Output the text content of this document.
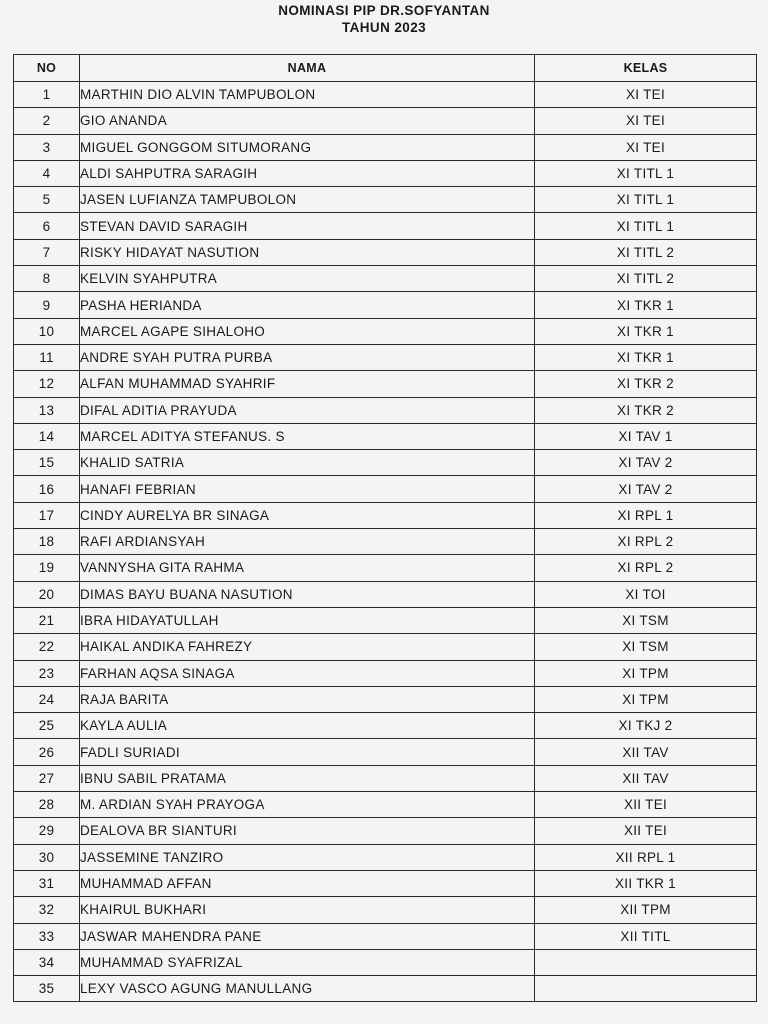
NOMINASI PIP DR.SOFYANTAN
TAHUN 2023
NO	NAMA	KELAS
1	MARTHIN DIO ALVIN TAMPUBOLON	XI TEI
2	GIO ANANDA	XI TEI
3	MIGUEL GONGGOM SITUMORANG	XI TEI
4	ALDI SAHPUTRA SARAGIH	XI TITL 1
5	JASEN LUFIANZA TAMPUBOLON	XI TITL 1
6	STEVAN DAVID SARAGIH	XI TITL 1
7	RISKY HIDAYAT NASUTION	XI TITL 2
8	KELVIN SYAHPUTRA	XI TITL 2
9	PASHA HERIANDA	XI TKR 1
10	MARCEL AGAPE SIHALOHO	XI TKR 1
11	ANDRE SYAH PUTRA PURBA	XI TKR 1
12	ALFAN MUHAMMAD SYAHRIF	XI TKR 2
13	DIFAL ADITIA PRAYUDA	XI TKR 2
14	MARCEL ADITYA STEFANUS. S	XI TAV 1
15	KHALID SATRIA	XI TAV 2
16	HANAFI FEBRIAN	XI TAV 2
17	CINDY AURELYA BR SINAGA	XI RPL 1
18	RAFI ARDIANSYAH	XI RPL 2
19	VANNYSHA GITA RAHMA	XI RPL 2
20	DIMAS BAYU BUANA NASUTION	XI TOI
21	IBRA HIDAYATULLAH	XI TSM
22	HAIKAL ANDIKA FAHREZY	XI TSM
23	FARHAN AQSA SINAGA	XI TPM
24	RAJA BARITA	XI TPM
25	KAYLA AULIA	XI TKJ 2
26	FADLI SURIADI	XII TAV
27	IBNU SABIL PRATAMA	XII TAV
28	M. ARDIAN SYAH PRAYOGA	XII TEI
29	DEALOVA BR SIANTURI	XII TEI
30	JASSEMINE TANZIRO	XII RPL 1
31	MUHAMMAD AFFAN	XII TKR 1
32	KHAIRUL BUKHARI	XII TPM
33	JASWAR MAHENDRA PANE	XII TITL
34	MUHAMMAD SYAFRIZAL	
35	LEXY VASCO AGUNG MANULLANG	
